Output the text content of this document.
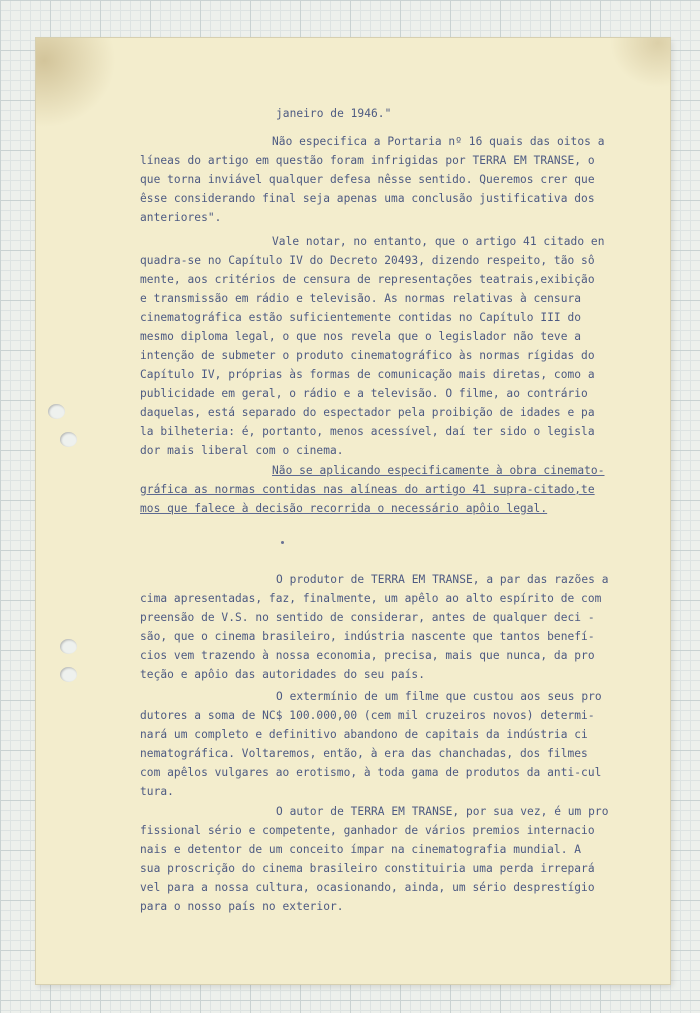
janeiro de 1946."
Não especifica a Portaria nº 16 quais das oitos a
líneas do artigo em questão foram infrigidas por TERRA EM TRANSE, o
que torna inviável qualquer defesa nêsse sentido. Queremos crer que
êsse considerando final seja apenas uma conclusão justificativa dos
anteriores".
Vale notar, no entanto, que o artigo 41 citado en
quadra-se no Capítulo IV do Decreto 20493, dizendo respeito, tão sô
mente, aos critérios de censura de representações teatrais,exibição
e transmissão em rádio e televisão. As normas relativas à censura
cinematográfica estão suficientemente contidas no Capítulo III do
mesmo diploma legal, o que nos revela que o legislador não teve a
intenção de submeter o produto cinematográfico às normas rígidas do
Capítulo IV, próprias às formas de comunicação mais diretas, como a
publicidade em geral, o rádio e a televisão. O filme, ao contrário
daquelas, está separado do espectador pela proibição de idades e pa
la bilheteria: é, portanto, menos acessível, daí ter sido o legisla
dor mais liberal com o cinema.
Não se aplicando especificamente à obra cinemato-
gráfica as normas contidas nas alíneas do artigo 41 supra-citado,te
mos que falece à decisão recorrida o necessário apôio legal.
O produtor de TERRA EM TRANSE, a par das razões a
cima apresentadas, faz, finalmente, um apêlo ao alto espírito de com
preensão de V.S. no sentido de considerar, antes de qualquer deci -
são, que o cinema brasileiro, indústria nascente que tantos benefí-
cios vem trazendo à nossa economia, precisa, mais que nunca, da pro
teção e apôio das autoridades do seu país.
O extermínio de um filme que custou aos seus pro
dutores a soma de NC$ 100.000,00 (cem mil cruzeiros novos) determi-
nará um completo e definitivo abandono de capitais da indústria ci
nematográfica. Voltaremos, então, à era das chanchadas, dos filmes
com apêlos vulgares ao erotismo, à toda gama de produtos da anti-cul
tura.
O autor de TERRA EM TRANSE, por sua vez, é um pro
fissional sério e competente, ganhador de vários premios internacio
nais e detentor de um conceito ímpar na cinematografia mundial. A
sua proscrição do cinema brasileiro constituiria uma perda irrepará
vel para a nossa cultura, ocasionando, ainda, um sério desprestígio
para o nosso país no exterior.
